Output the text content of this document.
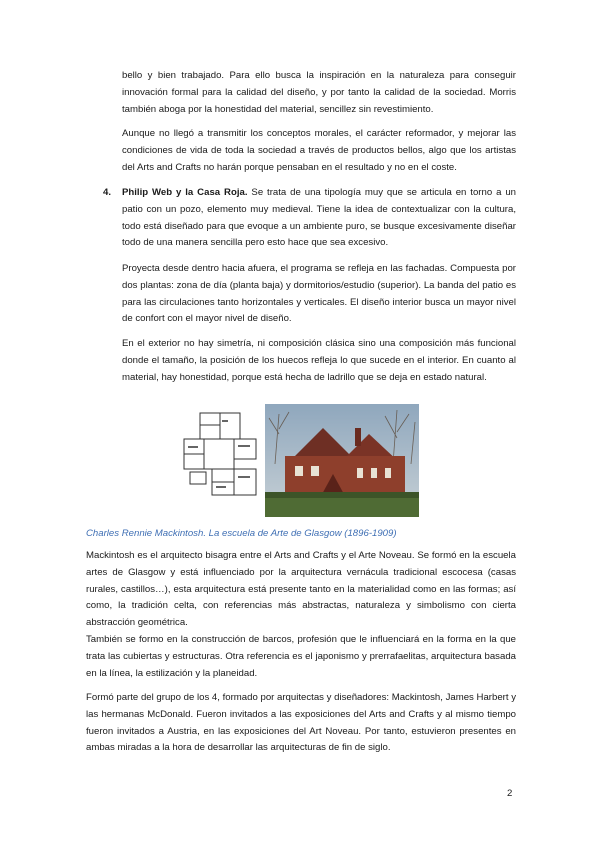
bello y bien trabajado. Para ello busca la inspiración en la naturaleza para conseguir innovación formal para la calidad del diseño, y por tanto la calidad de la sociedad. Morris también aboga por la honestidad del material, sencillez sin revestimiento.

Aunque no llegó a transmitir los conceptos morales, el carácter reformador, y mejorar las condiciones de vida de toda la sociedad a través de productos bellos, algo que los artistas del Arts and Crafts no harán porque pensaban en el resultado y no en el coste.

4. Philip Web y la Casa Roja. Se trata de una tipología muy que se articula en torno a un patio con un pozo, elemento muy medieval. Tiene la idea de contextualizar con la cultura, todo está diseñado para que evoque a un ambiente puro, se busque excesivamente diseñar todo de una manera sencilla pero esto hace que sea excesivo.

Proyecta desde dentro hacia afuera, el programa se refleja en las fachadas. Compuesta por dos plantas: zona de día (planta baja) y dormitorios/estudio (superior). La banda del patio es para las circulaciones tanto horizontales y verticales. El diseño interior busca un mayor nivel de confort con el mayor nivel de diseño.

En el exterior no hay simetría, ni composición clásica sino una composición más funcional donde el tamaño, la posición de los huecos refleja lo que sucede en el interior. En cuanto al material, hay honestidad, porque está hecha de ladrillo que se deja en estado natural.

Charles Rennie Mackintosh. La escuela de Arte de Glasgow (1896-1909)

Mackintosh es el arquitecto bisagra entre el Arts and Crafts y el Arte Noveau. Se formó en la escuela artes de Glasgow y está influenciado por la arquitectura vernácula tradicional escocesa (casas rurales, castillos…), esta arquitectura está presente tanto en la materialidad como en las formas; así como, la tradición celta, con referencias más abstractas, naturaleza y simbolismo con cierta abstracción geométrica.

También se formo en la construcción de barcos, profesión que le influenciará en la forma en la que trata las cubiertas y estructuras. Otra referencia es el japonismo y prerrafaelitas, arquitectura basada en la línea, la estilización y la planeidad.

Formó parte del grupo de los 4, formado por arquitectas y diseñadores: Mackintosh, James Harbert y las hermanas McDonald. Fueron invitados a las exposiciones del Arts and Crafts y al mismo tiempo fueron invitados a Austria, en las exposiciones del Art Noveau. Por tanto, estuvieron presentes en ambas miradas a la hora de desarrollar las arquitecturas de fin de siglo.

2
